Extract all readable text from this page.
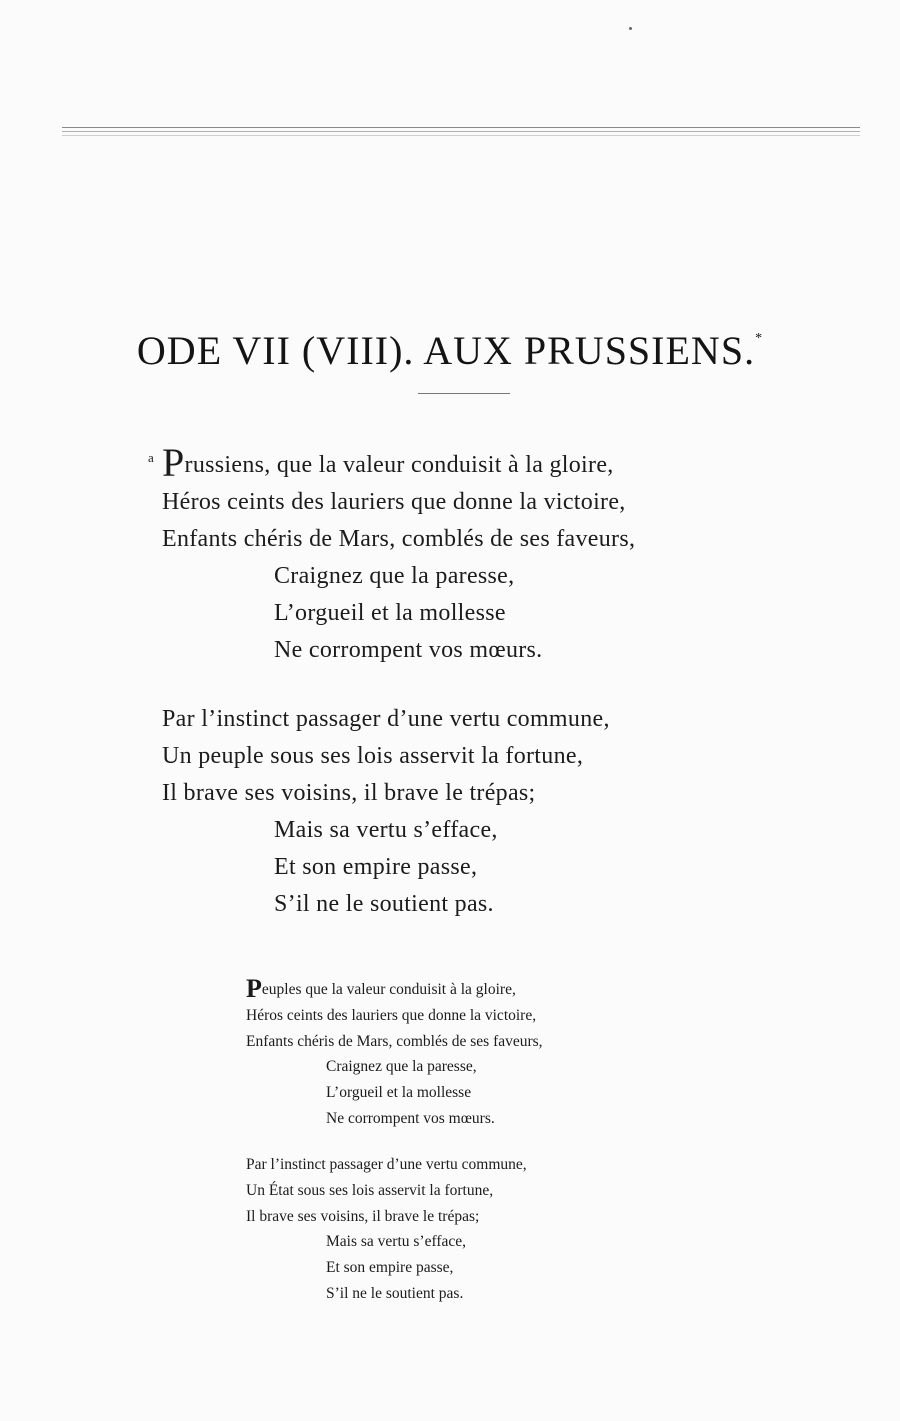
ODE VII (VIII). AUX PRUSSIENS.*
a Prussiens, que la valeur conduisit à la gloire,
Héros ceints des lauriers que donne la victoire,
Enfants chéris de Mars, comblés de ses faveurs,
Craignez que la paresse,
L’orgueil et la mollesse
Ne corrompent vos mœurs.
Par l’instinct passager d’une vertu commune,
Un peuple sous ses lois asservit la fortune,
Il brave ses voisins, il brave le trépas;
Mais sa vertu s’efface,
Et son empire passe,
S’il ne le soutient pas.
Peuples que la valeur conduisit à la gloire,
Héros ceints des lauriers que donne la victoire,
Enfants chéris de Mars, comblés de ses faveurs,
Craignez que la paresse,
L’orgueil et la mollesse
Ne corrompent vos mœurs.
Par l’instinct passager d’une vertu commune,
Un État sous ses lois asservit la fortune,
Il brave ses voisins, il brave le trépas;
Mais sa vertu s’efface,
Et son empire passe,
S’il ne le soutient pas.
